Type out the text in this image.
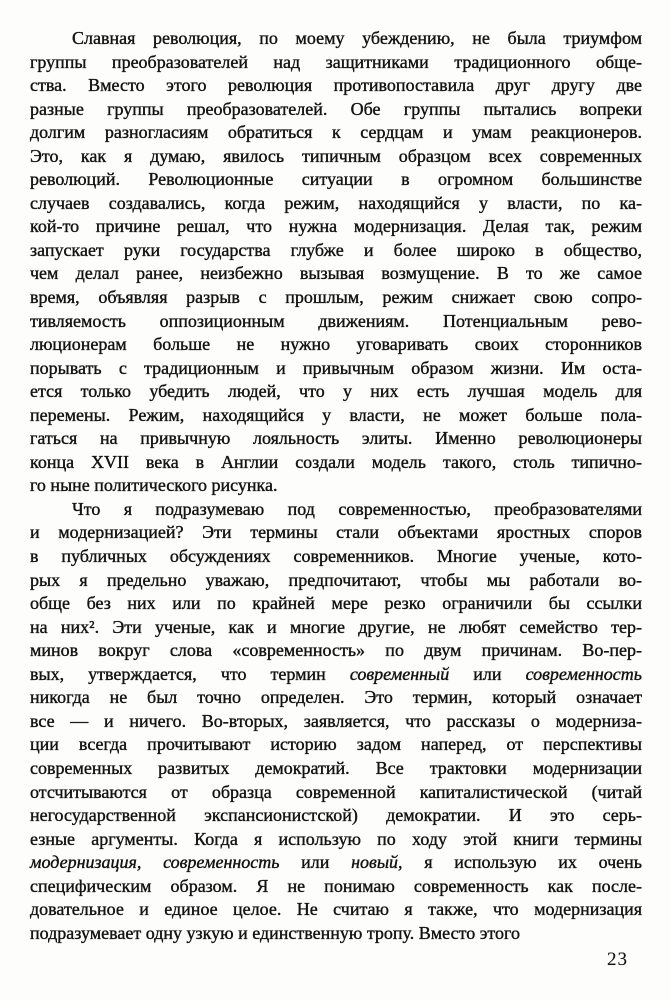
Славная революция, по моему убеждению, не была триумфом
группы преобразователей над защитниками традиционного обще-
ства. Вместо этого революция противопоставила друг другу две
разные группы преобразователей. Обе группы пытались вопреки
долгим разногласиям обратиться к сердцам и умам реакционеров.
Это, как я думаю, явилось типичным образцом всех современных
революций. Революционные ситуации в огромном большинстве
случаев создавались, когда режим, находящийся у власти, по ка-
кой-то причине решал, что нужна модернизация. Делая так, режим
запускает руки государства глубже и более широко в общество,
чем делал ранее, неизбежно вызывая возмущение. В то же самое
время, объявляя разрыв с прошлым, режим снижает свою сопро-
тивляемость оппозиционным движениям. Потенциальным рево-
люционерам больше не нужно уговаривать своих сторонников
порывать с традиционным и привычным образом жизни. Им оста-
ется только убедить людей, что у них есть лучшая модель для
перемены. Режим, находящийся у власти, не может больше пола-
гаться на привычную лояльность элиты. Именно революционеры
конца XVII века в Англии создали модель такого, столь типично-
го ныне политического рисунка.
Что я подразумеваю под современностью, преобразователями
и модернизацией? Эти термины стали объектами яростных споров
в публичных обсуждениях современников. Многие ученые, кото-
рых я предельно уважаю, предпочитают, чтобы мы работали во-
обще без них или по крайней мере резко ограничили бы ссылки
на них². Эти ученые, как и многие другие, не любят семейство тер-
минов вокруг слова «современность» по двум причинам. Во-пер-
вых, утверждается, что термин современный или современность
никогда не был точно определен. Это термин, который означает
все — и ничего. Во-вторых, заявляется, что рассказы о модерниза-
ции всегда прочитывают историю задом наперед, от перспективы
современных развитых демократий. Все трактовки модернизации
отсчитываются от образца современной капиталистической (читай
негосударственной экспансионистской) демократии. И это серь-
езные аргументы. Когда я использую по ходу этой книги термины
модернизация, современность или новый, я использую их очень
специфическим образом. Я не понимаю современность как после-
довательное и единое целое. Не считаю я также, что модернизация
подразумевает одну узкую и единственную тропу. Вместо этого
23
